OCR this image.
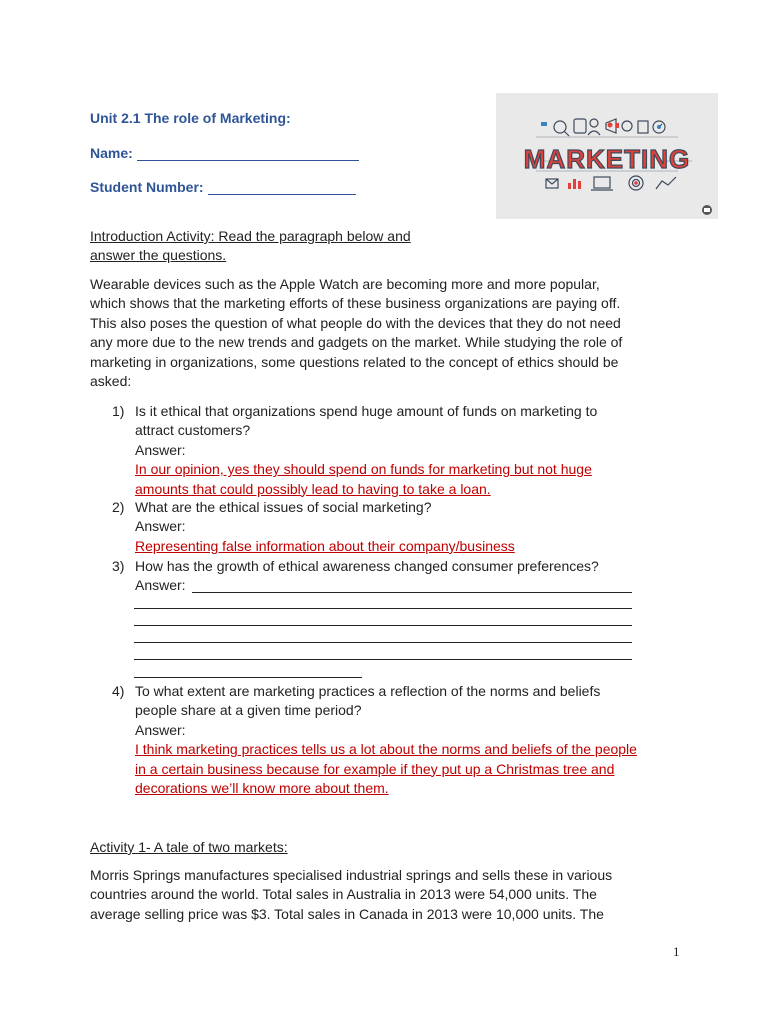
Unit 2.1 The role of Marketing:
Name:
Student Number:
MARKETING
Introduction Activity: Read the paragraph below and
answer the questions.
Wearable devices such as the Apple Watch are becoming more and more popular,
which shows that the marketing efforts of these business organizations are paying off.
This also poses the question of what people do with the devices that they do not need
any more due to the new trends and gadgets on the market. While studying the role of
marketing in organizations, some questions related to the concept of ethics should be
asked:
1) Is it ethical that organizations spend huge amount of funds on marketing to
attract customers?
Answer:
In our opinion, yes they should spend on funds for marketing but not huge
amounts that could possibly lead to having to take a loan.
2) What are the ethical issues of social marketing?
Answer:
Representing false information about their company/business
3) How has the growth of ethical awareness changed consumer preferences?
Answer:
4) To what extent are marketing practices a reflection of the norms and beliefs
people share at a given time period?
Answer:
I think marketing practices tells us a lot about the norms and beliefs of the people
in a certain business because for example if they put up a Christmas tree and
decorations we’ll know more about them.
Activity 1- A tale of two markets:
Morris Springs manufactures specialised industrial springs and sells these in various
countries around the world. Total sales in Australia in 2013 were 54,000 units. The
average selling price was $3. Total sales in Canada in 2013 were 10,000 units. The
1
